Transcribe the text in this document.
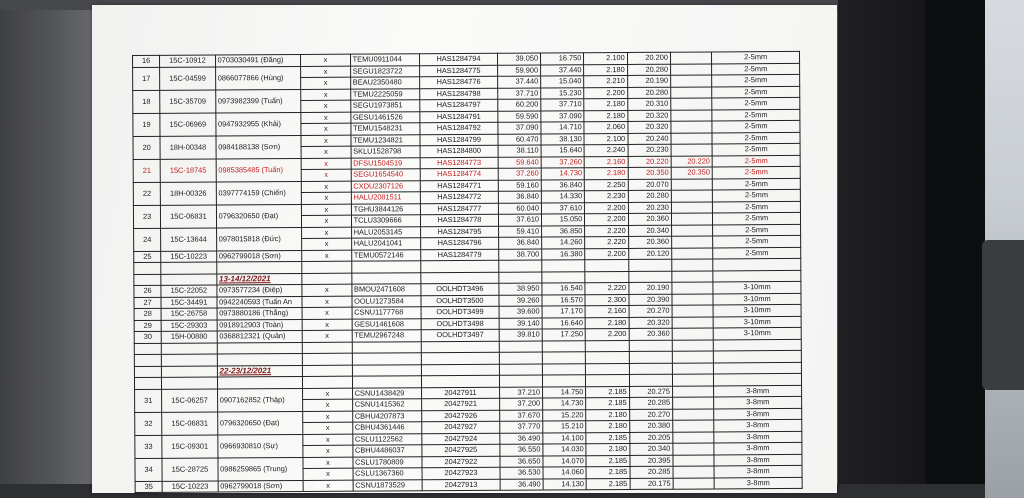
16	15C-10912	0703030491 (Đăng)	x	TEMU0911044	HAS1284794	39.050	16.750	2.100	20.200		2-5mm
17	15C-04599	0866077866 (Hùng)	x	SEGU1823722	HAS1284775	59.900	37.440	2.180	20.280		2-5mm
			x	BEAU2350480	HAS1284776	37.440	15.040	2.210	20.190		2-5mm
18	15C-35709	0973982399 (Tuấn)	x	TEMU2225059	HAS1284798	37.710	15.230	2.200	20.280		2-5mm
			x	SEGU1973851	HAS1284797	60.200	37.710	2.180	20.310		2-5mm
19	15C-06969	0947932955 (Khải)	x	GESU1461526	HAS1284791	59.590	37.090	2.180	20.320		2-5mm
			x	TEMU1548231	HAS1284792	37.090	14.710	2.060	20.320		2-5mm
20	18H-00348	0984188138 (Sơn)	x	TEMU1234821	HAS1284799	60.470	38.130	2.100	20.240		2-5mm
			x	SKLU1528798	HAS1284800	38.110	15.640	2.240	20.230		2-5mm
21	15C-18745	0985385485 (Tuấn)	x	DFSU1504519	HAS1284773	59.640	37.260	2.160	20.220	20.220	2-5mm
			x	SEGU1654540	HAS1284774	37.260	14.730	2.180	20.350	20.350	2-5mm
22	18H-00326	0397774159 (Chiến)	x	CXDU2307126	HAS1284771	59.160	36.840	2.250	20.070		2-5mm
			x	HALU2081511	HAS1284772	36.840	14.330	2.230	20.280		2-5mm
23	15C-06831	0796320650 (Đạt)	x	TGHU3844126	HAS1284777	60.040	37.610	2.200	20.230		2-5mm
			x	TCLU3309666	HAS1284778	37.610	15.050	2.200	20.360		2-5mm
24	15C-13644	0978015818 (Đức)	x	HALU2053145	HAS1284795	59.410	36.850	2.220	20.340		2-5mm
			x	HALU2041041	HAS1284796	36.840	14.260	2.220	20.360		2-5mm
25	15C-10223	0962799018 (Sơn)	x	TEMU0572146	HAS1284779	38.700	16.380	2.200	20.120		2-5mm

		13-14/12/2021									
26	15C-22052	0973577234 (Điệp)	x	BMOU2471608	OOLHDT3496	38.950	16.540	2.220	20.190		3-10mm
27	15C-34491	0942240593 (Tuấn An	x	OOLU1273584	OOLHDT3500	39.260	16.570	2.300	20.390		3-10mm
28	15C-26758	0973880186 (Thắng)	x	CSNU1177768	OOLHDT3499	39.600	17.170	2.160	20.270		3-10mm
29	15C-29303	0918912903 (Toàn)	x	GESU1461608	OOLHDT3498	39.140	16.640	2.180	20.320		3-10mm
30	15H-00880	0368812321 (Quân)	x	TEMU2967248	OOLHDT3497	39.810	17.250	2.200	20.360		3-10mm

		22-23/12/2021									

31	15C-06257	0907162852 (Thập)	x	CSNU1438429	20427911	37.210	14.750	2.185	20.275		3-8mm
			x	CSNU1415362	20427921	37.200	14.730	2.185	20.285		3-8mm
32	15C-06831	0796320650 (Đạt)	x	CBHU4207873	20427926	37.670	15.220	2.180	20.270		3-8mm
			x	CBHU4361446	20427927	37.770	15.210	2.180	20.380		3-8mm
33	15C-09301	0966930810 (Sự)	x	CSLU1122562	20427924	36.490	14.100	2.185	20.205		3-8mm
			x	CBHU4486037	20427925	36.550	14.030	2.180	20.340		3-8mm
34	15C-28725	0986259865 (Trung)	x	CSLU1780809	20427922	36.650	14.070	2.185	20.395		3-8mm
			x	CSLU1367360	20427923	36.530	14.060	2.185	20.285		3-8mm
35	15C-10223	0962799018 (Sơn)	x	CSNU1873529	20427913	36.490	14.130	2.185	20.175		3-8mm
